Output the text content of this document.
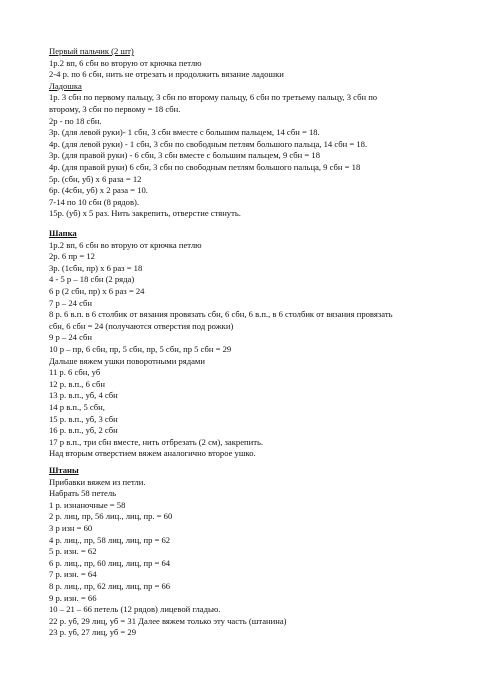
Первый пальчик (2 шт)
1р.2 вп, 6 сбн во вторую от крючка петлю
2-4 р. по 6 сбн, нить не отрезать и продолжить вязание ладошки
Ладошка
1р. 3 сбн по первому пальцу, 3 сбн по второму пальцу, 6 сбн по третьему пальцу, 3 сбн по
второму, 3 сбн по первому = 18 сбн.
2р - по 18 сбн.
3р. (для левой руки)- 1 сбн, 3 сбн вместе с большим пальцем, 14 сбн = 18.
4р. (для левой руки) - 1 сбн, 3 сбн по свободным петлям большого пальца, 14 сбн = 18.
3р. (для правой руки) - 6 сбн, 3 сбн вместе с большим пальцем, 9 сбн = 18
4р. (для правой руки) 6 сбн, 3 сбн по свободным петлям большого пальца, 9 сбн = 18
5р. (сбн, уб) х 6 раза = 12
6р. (4сбн, уб) х 2 раза = 10.
7-14 по 10 сбн (8 рядов).
15р. (уб) х 5 раз. Нить закрепить, отверстие стянуть.
Шапка
1р.2 вп, 6 сбн во вторую от крючка петлю
2р. 6 пр = 12
3р. (1сбн, пр) х 6 раз = 18
4 - 5 р – 18 сбн (2 ряда)
6 р (2 сбн, пр) х 6 раз = 24
7 р – 24 сбн
8 р. 6 в.п. в 6 столбик от вязания провязать сбн, 6 сбн, 6 в.п., в 6 столбик от вязания провязать
сбн, 6 сбн = 24 (получаются отверстия под рожки)
9 р – 24 сбн
10 р – пр, 6 сбн, пр, 5 сбн, пр, 5 сбн, пр 5 сбн = 29
Дальше вяжем ушки поворотными рядами
11 р. 6 сбн, уб
12 р. в.п., 6 сбн
13 р. в.п., уб, 4 сбн
14 р в.п., 5 сбн,
15 р. в.п., уб, 3 сбн
16 р. в.п., уб, 2 сбн
17 р в.п., три сбн вместе, нить отбрезать (2 см), закрепить.
Над вторым отверстием вяжем аналогично второе ушко.
Штаны
Прибавки вяжем из петли.
Набрать 58 петель
1 р. изнаночные = 58
2 р. лиц, пр, 56 лиц., лиц, пр. = 60
3 р изн = 60
4 р. лиц., пр, 58 лиц, лиц, пр = 62
5 р. изн. = 62
6 р. лиц., пр, 60 лиц, лиц, пр = 64
7 р. изн. = 64
8 р. лиц., пр, 62 лиц, лиц, пр = 66
9 р. изн. = 66
10 – 21 – 66 петель (12 рядов) лицевой гладью.
22 р. уб, 29 лиц, уб = 31 Далее вяжем только эту часть (штанина)
23 р. уб, 27 лиц, уб = 29
